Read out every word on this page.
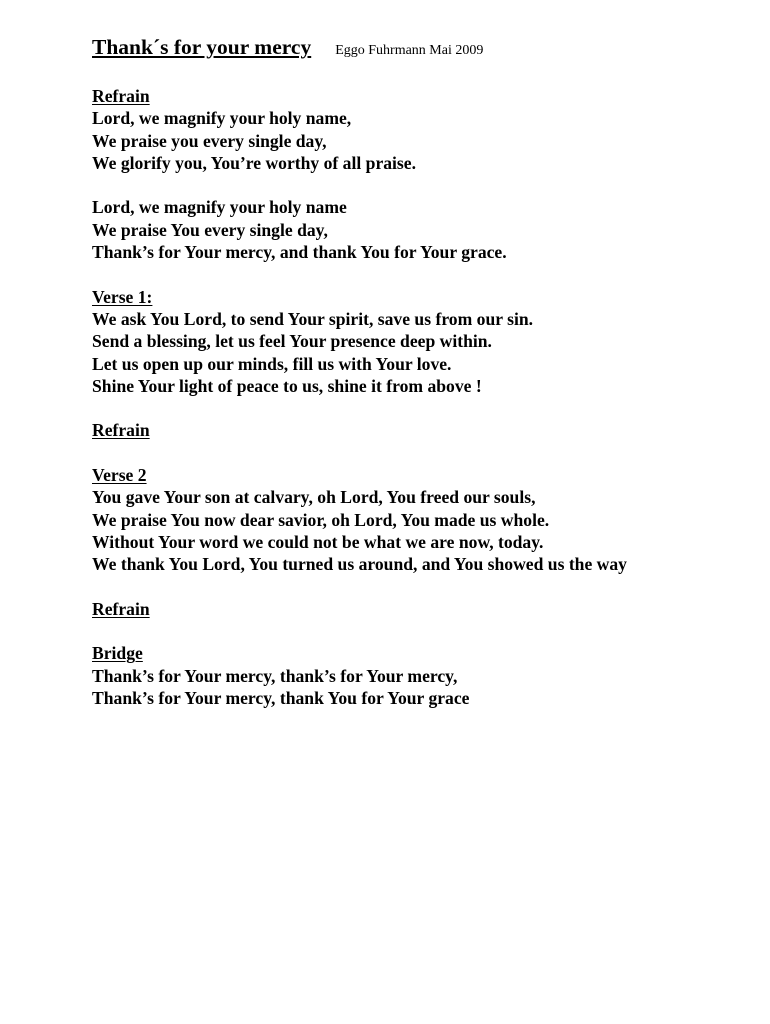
Thank´s for your mercy Eggo Fuhrmann Mai 2009
Refrain
Lord, we magnify your holy name,
We praise you every single day,
We glorify you, You’re worthy of all praise.
Lord, we magnify your holy name
We praise You every single day,
Thank’s for Your mercy, and thank You for Your grace.
Verse 1:
We ask You Lord, to send Your spirit, save us from our sin.
Send a blessing, let us feel Your presence deep within.
Let us open up our minds, fill us with Your love.
Shine Your light of peace to us, shine it from above !
Refrain
Verse 2
You gave Your son at calvary, oh Lord, You freed our souls,
We praise You now dear savior, oh Lord, You made us whole.
Without Your word we could not be what we are now, today.
We thank You Lord, You turned us around, and You showed us the way
Refrain
Bridge
Thank’s for Your mercy, thank’s for Your mercy,
Thank’s for Your mercy, thank You for Your grace
